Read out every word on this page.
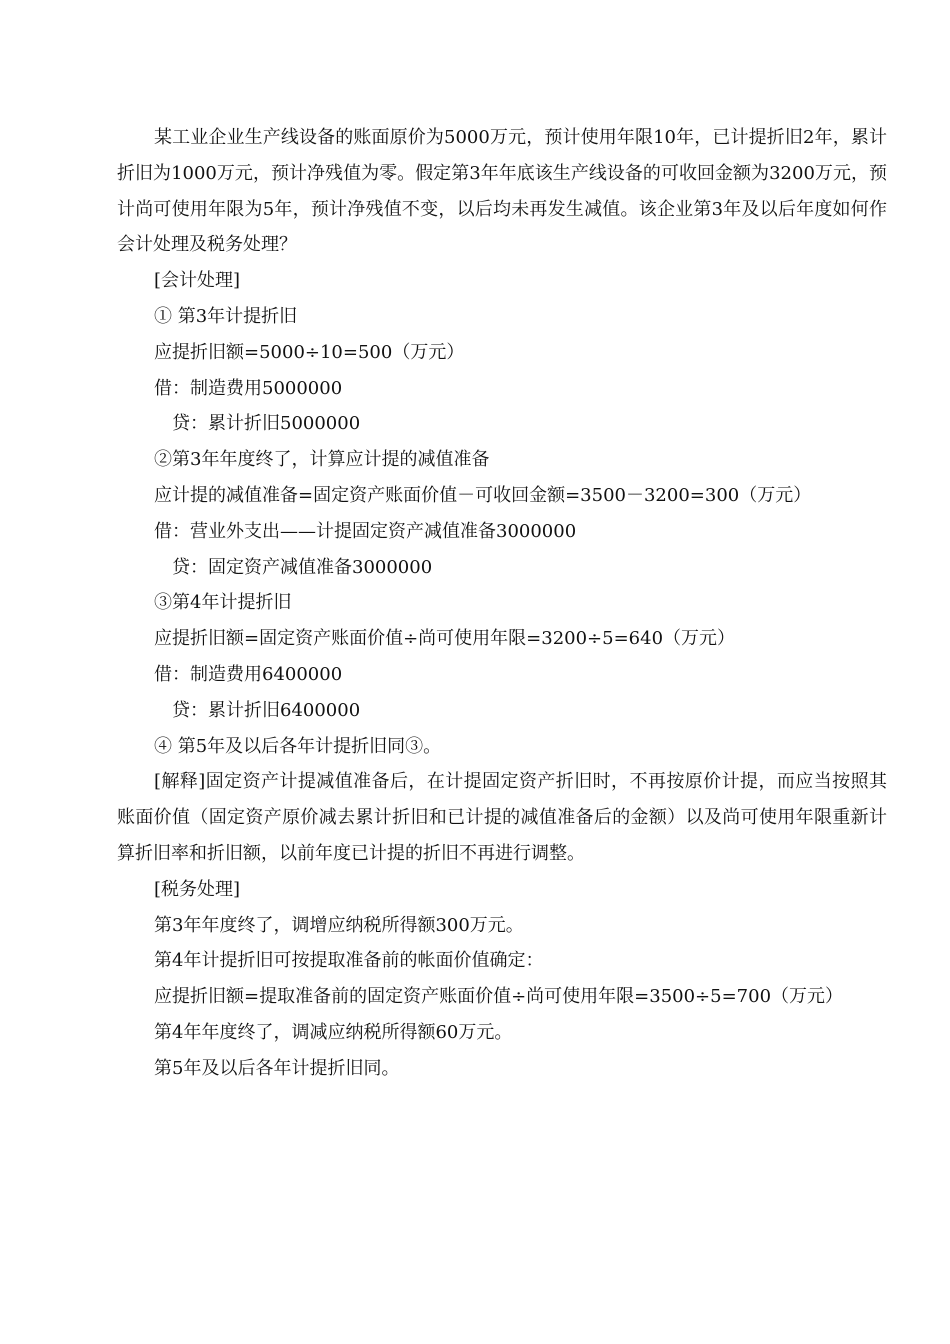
某工业企业生产线设备的账面原价为5000万元，预计使用年限10年，已计提折旧2年，累计折旧为1000万元，预计净残值为零。假定第3年年底该生产线设备的可收回金额为3200万元，预计尚可使用年限为5年，预计净残值不变，以后均未再发生减值。该企业第3年及以后年度如何作会计处理及税务处理？

[会计处理]

① 第3年计提折旧

应提折旧额=5000÷10=500（万元）

借：制造费用5000000

贷：累计折旧5000000

②第3年年度终了，计算应计提的减值准备

应计提的减值准备=固定资产账面价值－可收回金额=3500－3200=300（万元）

借：营业外支出——计提固定资产减值准备3000000

贷：固定资产减值准备3000000

③第4年计提折旧

应提折旧额=固定资产账面价值÷尚可使用年限=3200÷5=640（万元）

借：制造费用6400000

贷：累计折旧6400000

④ 第5年及以后各年计提折旧同③。

[解释]固定资产计提减值准备后，在计提固定资产折旧时，不再按原价计提，而应当按照其账面价值（固定资产原价减去累计折旧和已计提的减值准备后的金额）以及尚可使用年限重新计算折旧率和折旧额，以前年度已计提的折旧不再进行调整。

[税务处理]

第3年年度终了，调增应纳税所得额300万元。

第4年计提折旧可按提取准备前的帐面价值确定：

应提折旧额=提取准备前的固定资产账面价值÷尚可使用年限=3500÷5=700（万元）

第4年年度终了，调减应纳税所得额60万元。

第5年及以后各年计提折旧同。
